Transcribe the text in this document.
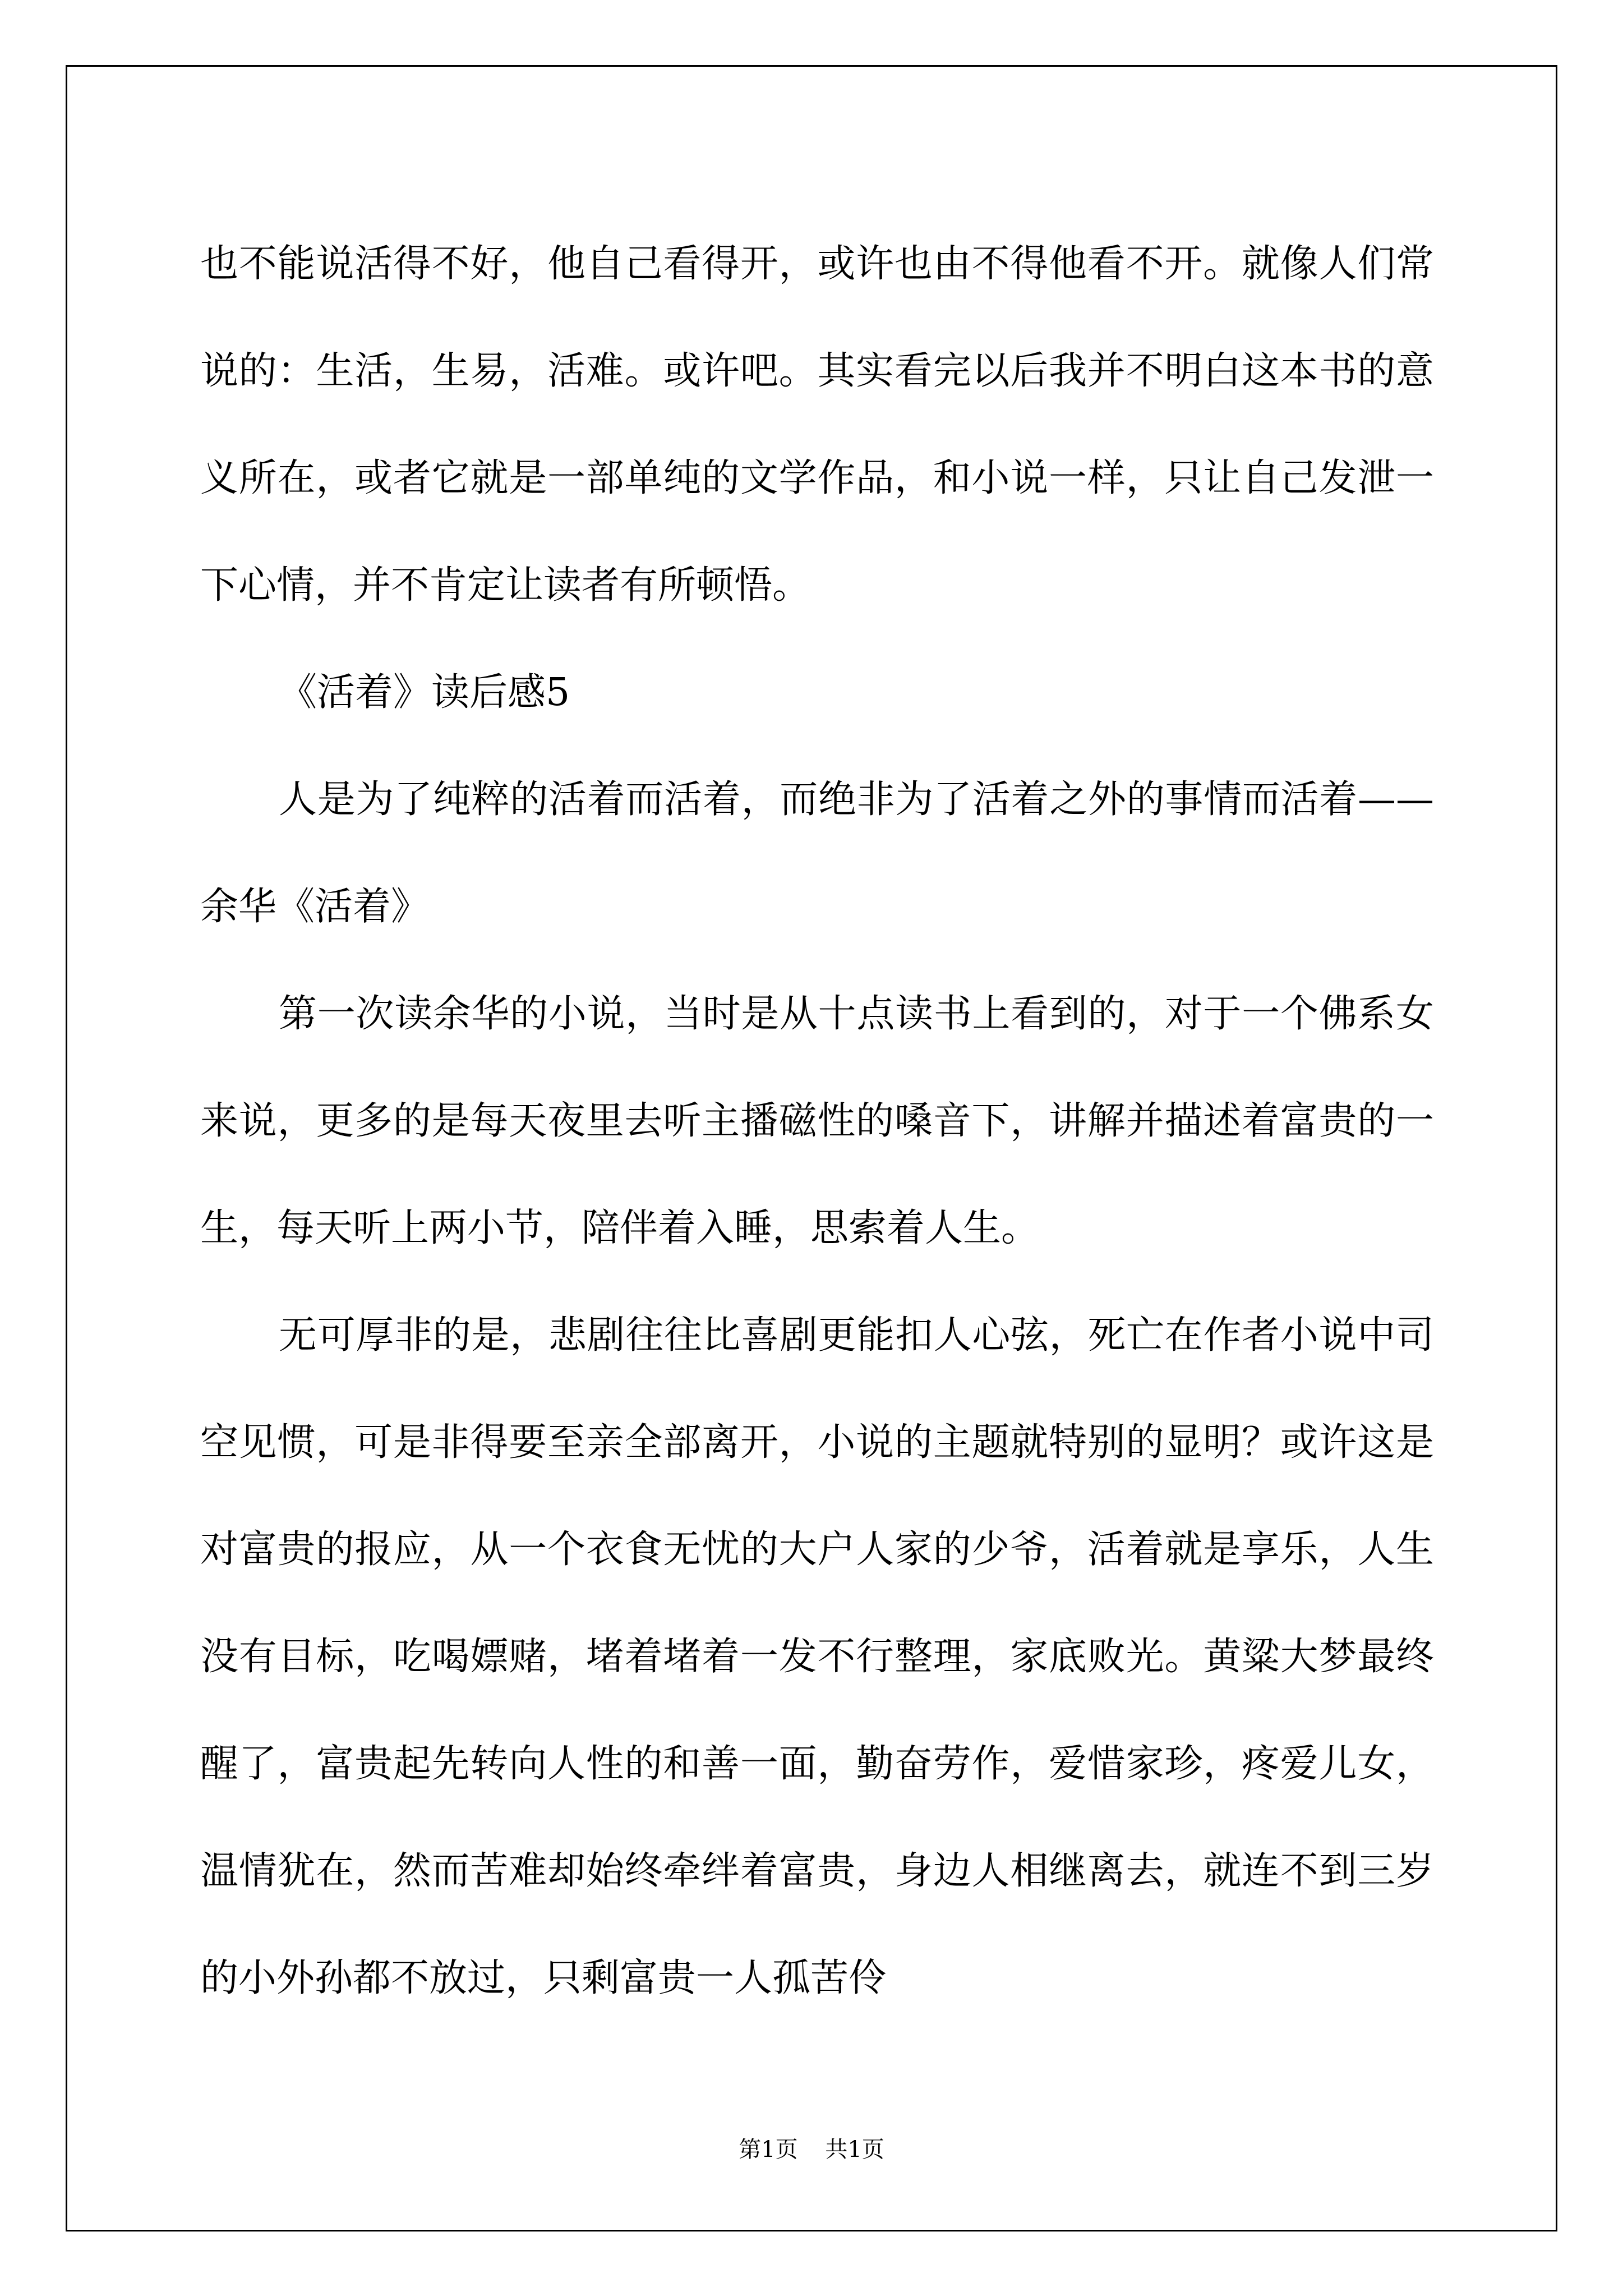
也不能说活得不好，他自己看得开，或许也由不得他看不开。就像人们常说的：生活，生易，活难。或许吧。其实看完以后我并不明白这本书的意义所在，或者它就是一部单纯的文学作品，和小说一样，只让自己发泄一下心情，并不肯定让读者有所顿悟。

《活着》读后感5

人是为了纯粹的活着而活着，而绝非为了活着之外的事情而活着——余华《活着》

第一次读余华的小说，当时是从十点读书上看到的，对于一个佛系女来说，更多的是每天夜里去听主播磁性的嗓音下，讲解并描述着富贵的一生，每天听上两小节，陪伴着入睡，思索着人生。

无可厚非的是，悲剧往往比喜剧更能扣人心弦，死亡在作者小说中司空见惯，可是非得要至亲全部离开，小说的主题就特别的显明？或许这是对富贵的报应，从一个衣食无忧的大户人家的少爷，活着就是享乐，人生没有目标，吃喝嫖赌，堵着堵着一发不行整理，家底败光。黄粱大梦最终醒了，富贵起先转向人性的和善一面，勤奋劳作，爱惜家珍，疼爱儿女，温情犹在，然而苦难却始终牵绊着富贵，身边人相继离去，就连不到三岁的小外孙都不放过，只剩富贵一人孤苦伶

第1页 共1页
